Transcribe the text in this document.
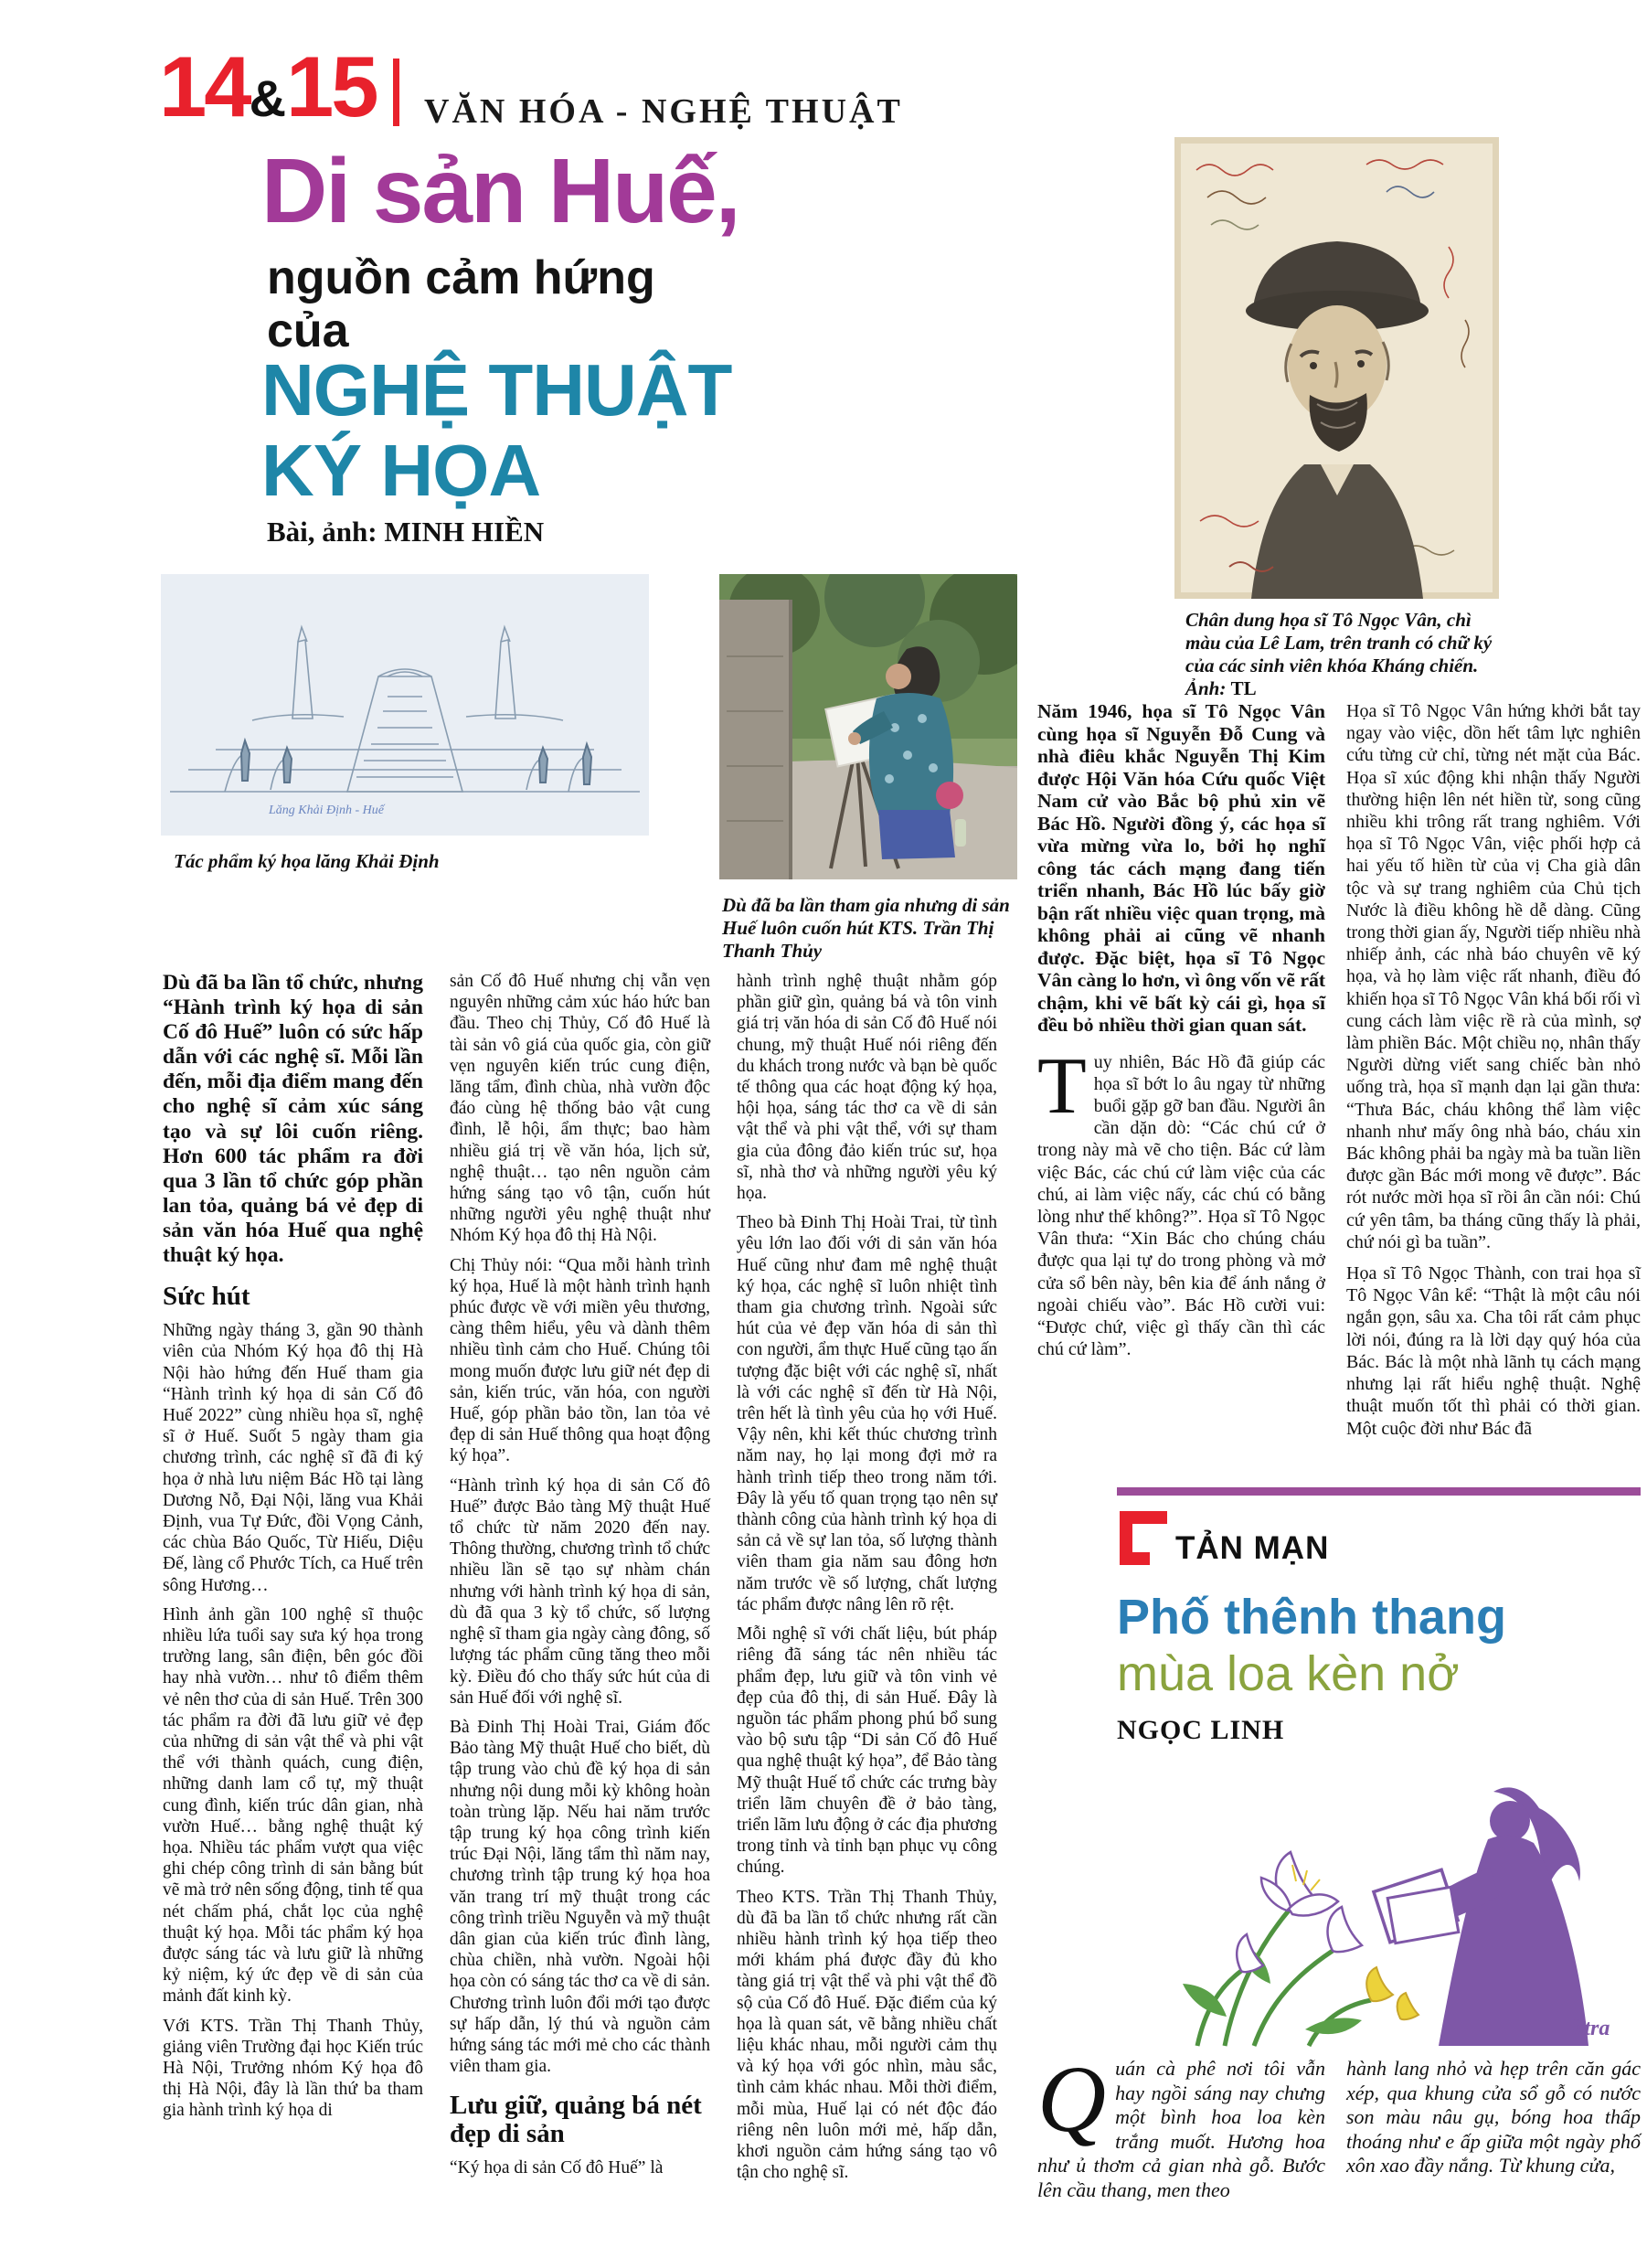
14&15 VĂN HÓA - NGHỆ THUẬT
Di sản Huế,
nguồn cảm hứng
của
NGHỆ THUẬT
KÝ HỌA
Bài, ảnh: MINH HIỀN
Lăng Khải Định - Huế
Tác phẩm ký họa lăng Khải Định
Dù đã ba lần tham gia nhưng di sản Huế luôn cuốn hút KTS. Trần Thị Thanh Thủy
Chân dung họa sĩ Tô Ngọc Vân, chì màu của Lê Lam, trên tranh có chữ ký của các sinh viên khóa Kháng chiến. Ảnh: TL

Dù đã ba lần tổ chức, nhưng “Hành trình ký họa di sản Cố đô Huế” luôn có sức hấp dẫn với các nghệ sĩ. Mỗi lần đến, mỗi địa điểm mang đến cho nghệ sĩ cảm xúc sáng tạo và sự lôi cuốn riêng. Hơn 600 tác phẩm ra đời qua 3 lần tổ chức góp phần lan tỏa, quảng bá vẻ đẹp di sản văn hóa Huế qua nghệ thuật ký họa.

Sức hút

Những ngày tháng 3, gần 90 thành viên của Nhóm Ký họa đô thị Hà Nội hào hứng đến Huế tham gia “Hành trình ký họa di sản Cố đô Huế 2022” cùng nhiều họa sĩ, nghệ sĩ ở Huế. Suốt 5 ngày tham gia chương trình, các nghệ sĩ đã đi ký họa ở nhà lưu niệm Bác Hồ tại làng Dương Nỗ, Đại Nội, lăng vua Khải Định, vua Tự Đức, đồi Vọng Cảnh, các chùa Báo Quốc, Từ Hiếu, Diệu Đế, làng cổ Phước Tích, ca Huế trên sông Hương…

Hình ảnh gần 100 nghệ sĩ thuộc nhiều lứa tuổi say sưa ký họa trong trường lang, sân điện, bên góc đồi hay nhà vườn… như tô điểm thêm vẻ nên thơ của di sản Huế. Trên 300 tác phẩm ra đời đã lưu giữ vẻ đẹp của những di sản vật thể và phi vật thể với thành quách, cung điện, những danh lam cổ tự, mỹ thuật cung đình, kiến trúc dân gian, nhà vườn Huế… bằng nghệ thuật ký họa. Nhiều tác phẩm vượt qua việc ghi chép công trình di sản bằng bút vẽ mà trở nên sống động, tinh tế qua nét chấm phá, chắt lọc của nghệ thuật ký họa. Mỗi tác phẩm ký họa được sáng tác và lưu giữ là những kỷ niệm, ký ức đẹp về di sản của mảnh đất kinh kỳ.

Với KTS. Trần Thị Thanh Thủy, giảng viên Trường đại học Kiến trúc Hà Nội, Trưởng nhóm Ký họa đô thị Hà Nội, đây là lần thứ ba tham gia hành trình ký họa di

sản Cố đô Huế nhưng chị vẫn vẹn nguyên những cảm xúc háo hức ban đầu. Theo chị Thủy, Cố đô Huế là tài sản vô giá của quốc gia, còn giữ vẹn nguyên kiến trúc cung điện, lăng tẩm, đình chùa, nhà vườn độc đáo cùng hệ thống bảo vật cung đình, lễ hội, ẩm thực; bao hàm nhiều giá trị về văn hóa, lịch sử, nghệ thuật… tạo nên nguồn cảm hứng sáng tạo vô tận, cuốn hút những người yêu nghệ thuật như Nhóm Ký họa đô thị Hà Nội.

Chị Thủy nói: “Qua mỗi hành trình ký họa, Huế là một hành trình hạnh phúc được về với miền yêu thương, càng thêm hiểu, yêu và dành thêm nhiều tình cảm cho Huế. Chúng tôi mong muốn được lưu giữ nét đẹp di sản, kiến trúc, văn hóa, con người Huế, góp phần bảo tồn, lan tỏa vẻ đẹp di sản Huế thông qua hoạt động ký họa”.

“Hành trình ký họa di sản Cố đô Huế” được Bảo tàng Mỹ thuật Huế tổ chức từ năm 2020 đến nay. Thông thường, chương trình tổ chức nhiều lần sẽ tạo sự nhàm chán nhưng với hành trình ký họa di sản, dù đã qua 3 kỳ tổ chức, số lượng nghệ sĩ tham gia ngày càng đông, số lượng tác phẩm cũng tăng theo mỗi kỳ. Điều đó cho thấy sức hút của di sản Huế đối với nghệ sĩ.

Bà Đinh Thị Hoài Trai, Giám đốc Bảo tàng Mỹ thuật Huế cho biết, dù tập trung vào chủ đề ký họa di sản nhưng nội dung mỗi kỳ không hoàn toàn trùng lặp. Nếu hai năm trước tập trung ký họa công trình kiến trúc Đại Nội, lăng tẩm thì năm nay, chương trình tập trung ký họa hoa văn trang trí mỹ thuật trong các công trình triều Nguyễn và mỹ thuật dân gian của kiến trúc đình làng, chùa chiền, nhà vườn. Ngoài hội họa còn có sáng tác thơ ca về di sản. Chương trình luôn đổi mới tạo được sự hấp dẫn, lý thú và nguồn cảm hứng sáng tác mới mẻ cho các thành viên tham gia.

Lưu giữ, quảng bá nét đẹp di sản

“Ký họa di sản Cố đô Huế” là

hành trình nghệ thuật nhằm góp phần giữ gìn, quảng bá và tôn vinh giá trị văn hóa di sản Cố đô Huế nói chung, mỹ thuật Huế nói riêng đến du khách trong nước và bạn bè quốc tế thông qua các hoạt động ký họa, hội họa, sáng tác thơ ca về di sản vật thể và phi vật thể, với sự tham gia của đông đảo kiến trúc sư, họa sĩ, nhà thơ và những người yêu ký họa.

Theo bà Đinh Thị Hoài Trai, từ tình yêu lớn lao đối với di sản văn hóa Huế cũng như đam mê nghệ thuật ký họa, các nghệ sĩ luôn nhiệt tình tham gia chương trình. Ngoài sức hút của vẻ đẹp văn hóa di sản thì con người, ẩm thực Huế cũng tạo ấn tượng đặc biệt với các nghệ sĩ, nhất là với các nghệ sĩ đến từ Hà Nội, trên hết là tình yêu của họ với Huế. Vậy nên, khi kết thúc chương trình năm nay, họ lại mong đợi mở ra hành trình tiếp theo trong năm tới. Đây là yếu tố quan trọng tạo nên sự thành công của hành trình ký họa di sản cả về sự lan tỏa, số lượng thành viên tham gia năm sau đông hơn năm trước về số lượng, chất lượng tác phẩm được nâng lên rõ rệt.

Mỗi nghệ sĩ với chất liệu, bút pháp riêng đã sáng tác nên nhiều tác phẩm đẹp, lưu giữ và tôn vinh vẻ đẹp của đô thị, di sản Huế. Đây là nguồn tác phẩm phong phú bổ sung vào bộ sưu tập “Di sản Cố đô Huế qua nghệ thuật ký họa”, để Bảo tàng Mỹ thuật Huế tổ chức các trưng bày triển lãm chuyên đề ở bảo tàng, triển lãm lưu động ở các địa phương trong tỉnh và tỉnh bạn phục vụ công chúng.

Theo KTS. Trần Thị Thanh Thủy, dù đã ba lần tổ chức nhưng rất cần nhiều hành trình ký họa tiếp theo mới khám phá được đầy đủ kho tàng giá trị vật thể và phi vật thể đồ sộ của Cố đô Huế. Đặc điểm của ký họa là quan sát, vẽ bằng nhiều chất liệu khác nhau, mỗi người cảm thụ và ký họa với góc nhìn, màu sắc, tình cảm khác nhau. Mỗi thời điểm, mỗi mùa, Huế lại có nét độc đáo riêng nên luôn mới mẻ, hấp dẫn, khơi nguồn cảm hứng sáng tạo vô tận cho nghệ sĩ.

Năm 1946, họa sĩ Tô Ngọc Vân cùng họa sĩ Nguyễn Đỗ Cung và nhà điêu khắc Nguyễn Thị Kim được Hội Văn hóa Cứu quốc Việt Nam cử vào Bắc bộ phủ xin vẽ Bác Hồ. Người đồng ý, các họa sĩ vừa mừng vừa lo, bởi họ nghĩ công tác cách mạng đang tiến triển nhanh, Bác Hồ lúc bấy giờ bận rất nhiều việc quan trọng, mà không phải ai cũng vẽ nhanh được. Đặc biệt, họa sĩ Tô Ngọc Vân càng lo hơn, vì ông vốn vẽ rất chậm, khi vẽ bất kỳ cái gì, họa sĩ đều bỏ nhiều thời gian quan sát.

Tuy nhiên, Bác Hồ đã giúp các họa sĩ bớt lo âu ngay từ những buổi gặp gỡ ban đầu. Người ân cần dặn dò: “Các chú cứ ở trong này mà vẽ cho tiện. Bác cứ làm việc Bác, các chú cứ làm việc của các chú, ai làm việc nấy, các chú có bằng lòng như thế không?”. Họa sĩ Tô Ngọc Vân thưa: “Xin Bác cho chúng cháu được qua lại tự do trong phòng và mở cửa sổ bên này, bên kia để ánh nắng ở ngoài chiếu vào”. Bác Hồ cười vui: “Được chứ, việc gì thấy cần thì các chú cứ làm”.

Họa sĩ Tô Ngọc Vân hứng khởi bắt tay ngay vào việc, dồn hết tâm lực nghiên cứu từng cử chỉ, từng nét mặt của Bác. Họa sĩ xúc động khi nhận thấy Người thường hiện lên nét hiền từ, song cũng nhiều khi trông rất trang nghiêm. Với họa sĩ Tô Ngọc Vân, việc phối hợp cả hai yếu tố hiền từ của vị Cha già dân tộc và sự trang nghiêm của Chủ tịch Nước là điều không hề dễ dàng. Cũng trong thời gian ấy, Người tiếp nhiều nhà nhiếp ảnh, các nhà báo chuyên vẽ ký họa, và họ làm việc rất nhanh, điều đó khiến họa sĩ Tô Ngọc Vân khá bối rối vì cung cách làm việc rề rà của mình, sợ làm phiền Bác. Một chiều nọ, nhân thấy Người dừng viết sang chiếc bàn nhỏ uống trà, họa sĩ mạnh dạn lại gần thưa: “Thưa Bác, cháu không thể làm việc nhanh như mấy ông nhà báo, cháu xin Bác không phải ba ngày mà ba tuần liền được gần Bác mới mong vẽ được”. Bác rót nước mời họa sĩ rồi ân cần nói: Chú cứ yên tâm, ba tháng cũng thấy là phải, chứ nói gì ba tuần”.

Họa sĩ Tô Ngọc Thành, con trai họa sĩ Tô Ngọc Vân kể: “Thật là một câu nói ngắn gọn, sâu xa. Cha tôi rất cảm phục lời nói, đúng ra là lời dạy quý hóa của Bác. Bác là một nhà lãnh tụ cách mạng nhưng lại rất hiểu nghệ thuật. Nghệ thuật muốn tốt thì phải có thời gian. Một cuộc đời như Bác đã

TẢN MẠN
Phố thênh thang
mùa loa kèn nở
NGỌC LINH
htra

Quán cà phê nơi tôi vẫn hay ngồi sáng nay chưng một bình hoa loa kèn trắng muốt. Hương hoa như ủ thơm cả gian nhà gỗ. Bước lên cầu thang, men theo

hành lang nhỏ và hẹp trên căn gác xép, qua khung cửa sổ gỗ có nước son màu nâu gụ, bóng hoa thấp thoáng như e ấp giữa một ngày phố xôn xao đầy nắng. Từ khung cửa,
